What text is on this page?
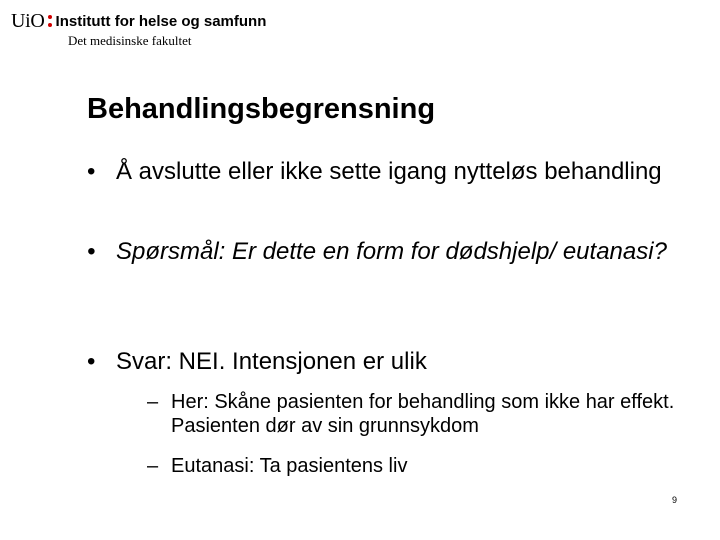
UiO Institutt for helse og samfunn
Det medisinske fakultet
Behandlingsbegrensning
• Å avslutte eller ikke sette igang nytteløs behandling
• Spørsmål: Er dette en form for dødshjelp/ eutanasi?
• Svar: NEI. Intensjonen er ulik
– Her: Skåne pasienten for behandling som ikke har effekt. Pasienten dør av sin grunnsykdom
– Eutanasi: Ta pasientens liv
9
